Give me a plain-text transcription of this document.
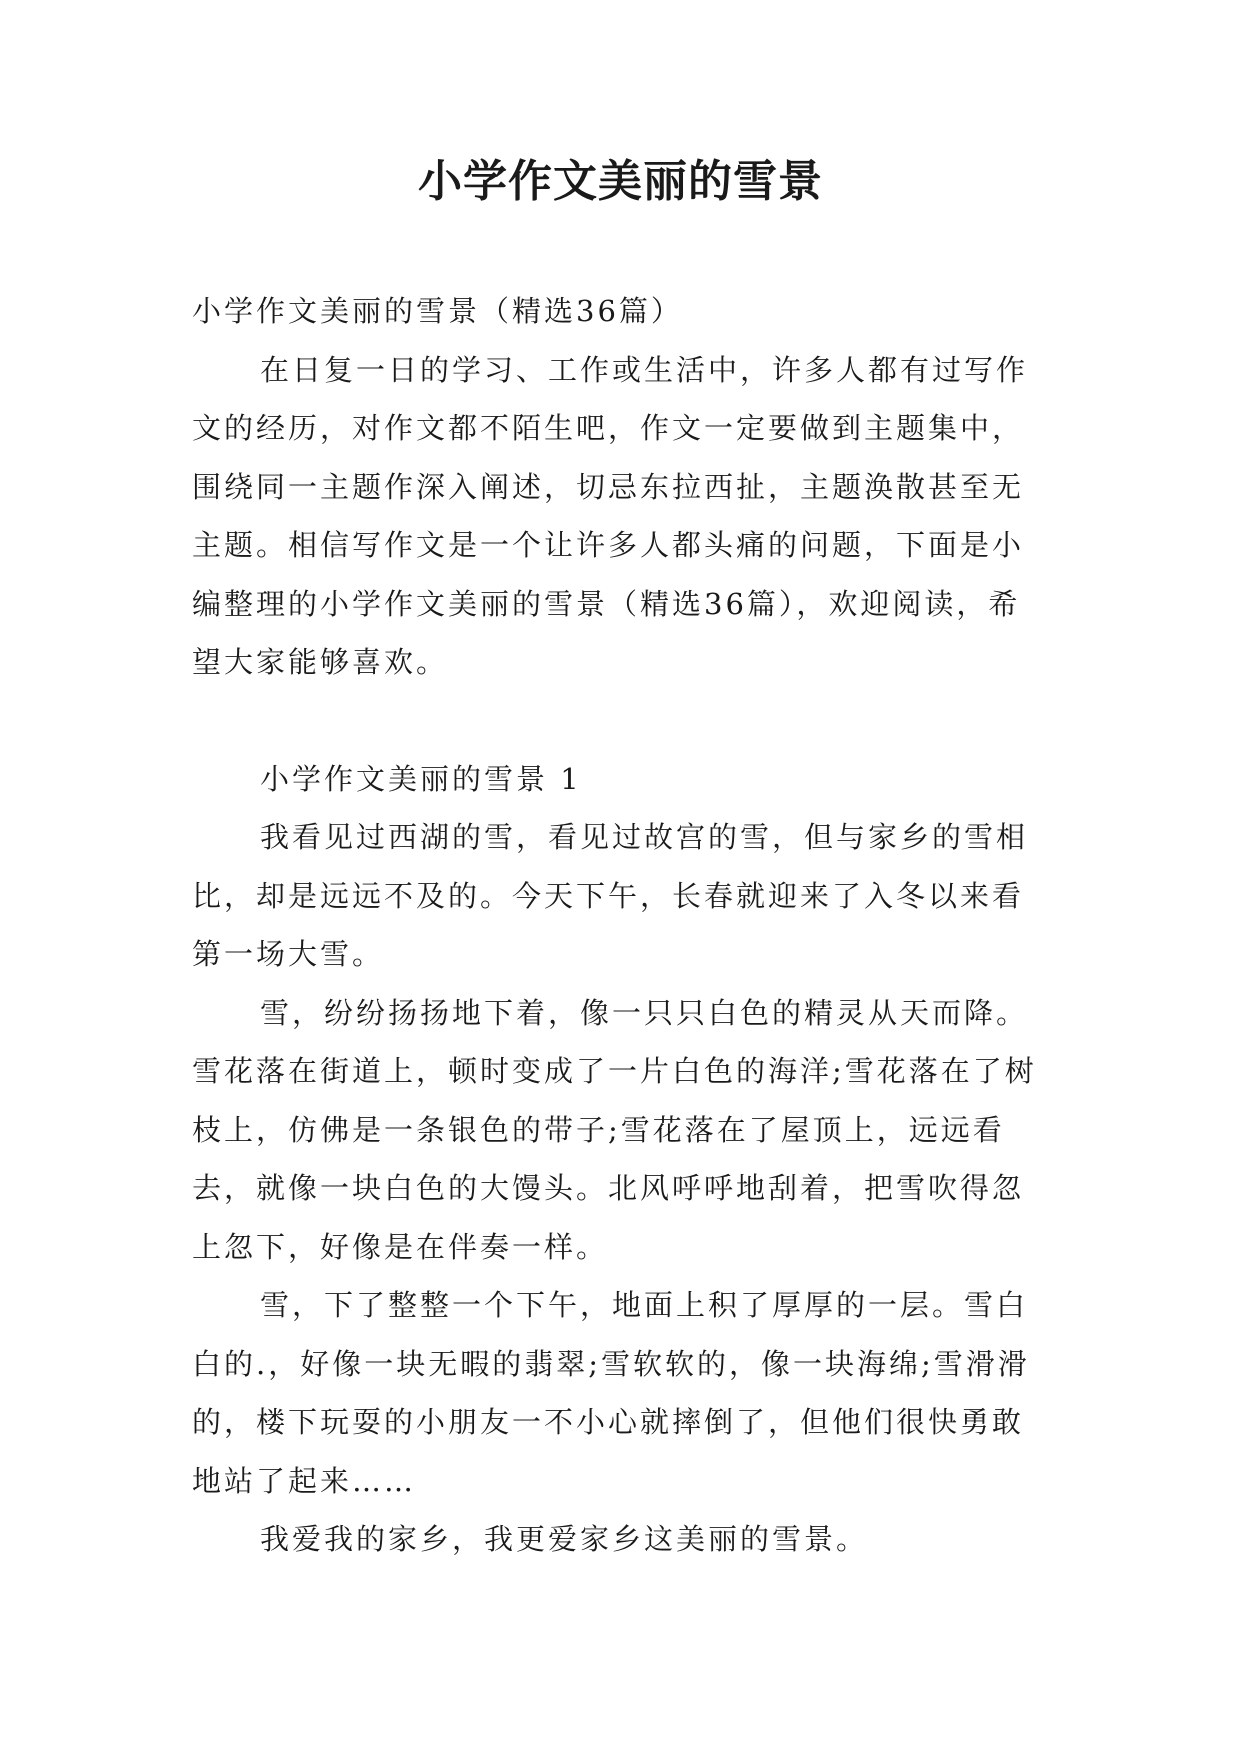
小学作文美丽的雪景

小学作文美丽的雪景（精选36篇）

在日复一日的学习、工作或生活中，许多人都有过写作文的经历，对作文都不陌生吧，作文一定要做到主题集中，围绕同一主题作深入阐述，切忌东拉西扯，主题涣散甚至无主题。相信写作文是一个让许多人都头痛的问题，下面是小编整理的小学作文美丽的雪景（精选36篇），欢迎阅读，希望大家能够喜欢。

小学作文美丽的雪景 1

我看见过西湖的雪，看见过故宫的雪，但与家乡的雪相比，却是远远不及的。今天下午，长春就迎来了入冬以来看第一场大雪。

雪，纷纷扬扬地下着，像一只只白色的精灵从天而降。雪花落在街道上，顿时变成了一片白色的海洋;雪花落在了树枝上，仿佛是一条银色的带子;雪花落在了屋顶上，远远看去，就像一块白色的大馒头。北风呼呼地刮着，把雪吹得忽上忽下，好像是在伴奏一样。

雪，下了整整一个下午，地面上积了厚厚的一层。雪白白的.，好像一块无暇的翡翠;雪软软的，像一块海绵;雪滑滑的，楼下玩耍的小朋友一不小心就摔倒了，但他们很快勇敢地站了起来……

我爱我的家乡，我更爱家乡这美丽的雪景。
